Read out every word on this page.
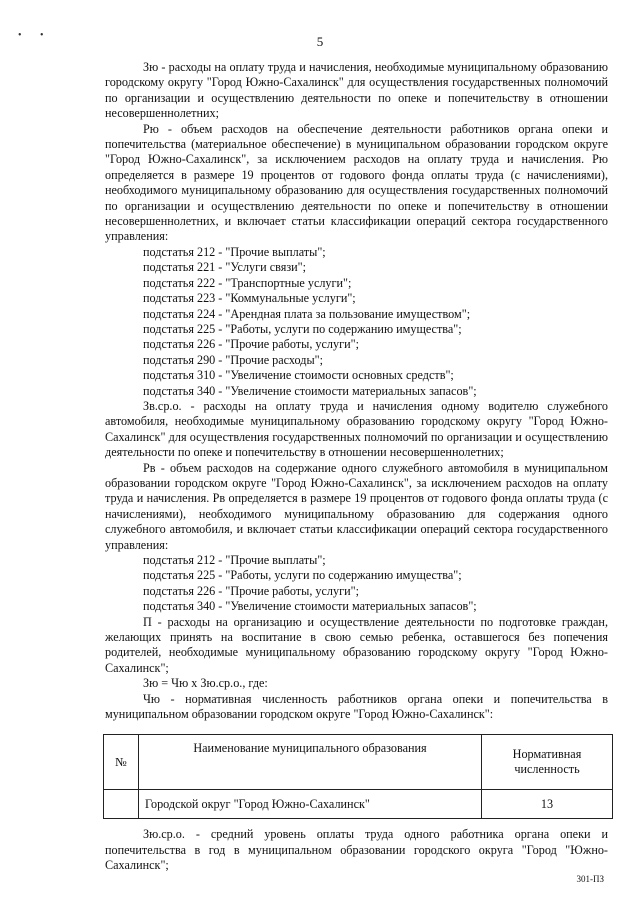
• •	5

Зю - расходы на оплату труда и начисления, необходимые муниципальному образованию городскому округу "Город Южно-Сахалинск" для осуществления государственных полномочий по организации и осуществлению деятельности по опеке и попечительству в отношении несовершеннолетних;

Рю - объем расходов на обеспечение деятельности работников органа опеки и попечительства (материальное обеспечение) в муниципальном образовании городском округе "Город Южно-Сахалинск", за исключением расходов на оплату труда и начисления. Рю определяется в размере 19 процентов от годового фонда оплаты труда (с начислениями), необходимого муниципальному образованию для осуществления государственных полномочий по организации и осуществлению деятельности по опеке и попечительству в отношении несовершеннолетних, и включает статьи классификации операций сектора государственного управления:

подстатья 212 - "Прочие выплаты";

подстатья 221 - "Услуги связи";

подстатья 222 - "Транспортные услуги";

подстатья 223 - "Коммунальные услуги";

подстатья 224 - "Арендная плата за пользование имуществом";

подстатья 225 - "Работы, услуги по содержанию имущества";

подстатья 226 - "Прочие работы, услуги";

подстатья 290 - "Прочие расходы";

подстатья 310 - "Увеличение стоимости основных средств";

подстатья 340 - "Увеличение стоимости материальных запасов";

Зв.ср.о. - расходы на оплату труда и начисления одному водителю служебного автомобиля, необходимые муниципальному образованию городскому округу "Город Южно-Сахалинск" для осуществления государственных полномочий по организации и осуществлению деятельности по опеке и попечительству в отношении несовершеннолетних;

Рв - объем расходов на содержание одного служебного автомобиля в муниципальном образовании городском округе "Город Южно-Сахалинск", за исключением расходов на оплату труда и начисления. Рв определяется в размере 19 процентов от годового фонда оплаты труда (с начислениями), необходимого муниципальному образованию для содержания одного служебного автомобиля, и включает статьи классификации операций сектора государственного управления:

подстатья 212 - "Прочие выплаты";

подстатья 225 - "Работы, услуги по содержанию имущества";

подстатья 226 - "Прочие работы, услуги";

подстатья 340 - "Увеличение стоимости материальных запасов";

П - расходы на организацию и осуществление деятельности по подготовке граждан, желающих принять на воспитание в свою семью ребенка, оставшегося без попечения родителей, необходимые муниципальному образованию городскому округу "Город Южно-Сахалинск";

Зю = Чю х Зю.ср.о., где:

Чю - нормативная численность работников органа опеки и попечительства в муниципальном образовании городском округе "Город Южно-Сахалинск":

№	Наименование муниципального образования	Нормативная численность
	Городской округ "Город Южно-Сахалинск"	13

Зю.ср.о. - средний уровень оплаты труда одного работника органа опеки и попечительства в год в муниципальном образовании городского округа "Город "Южно-Сахалинск";

301-ПЗ
